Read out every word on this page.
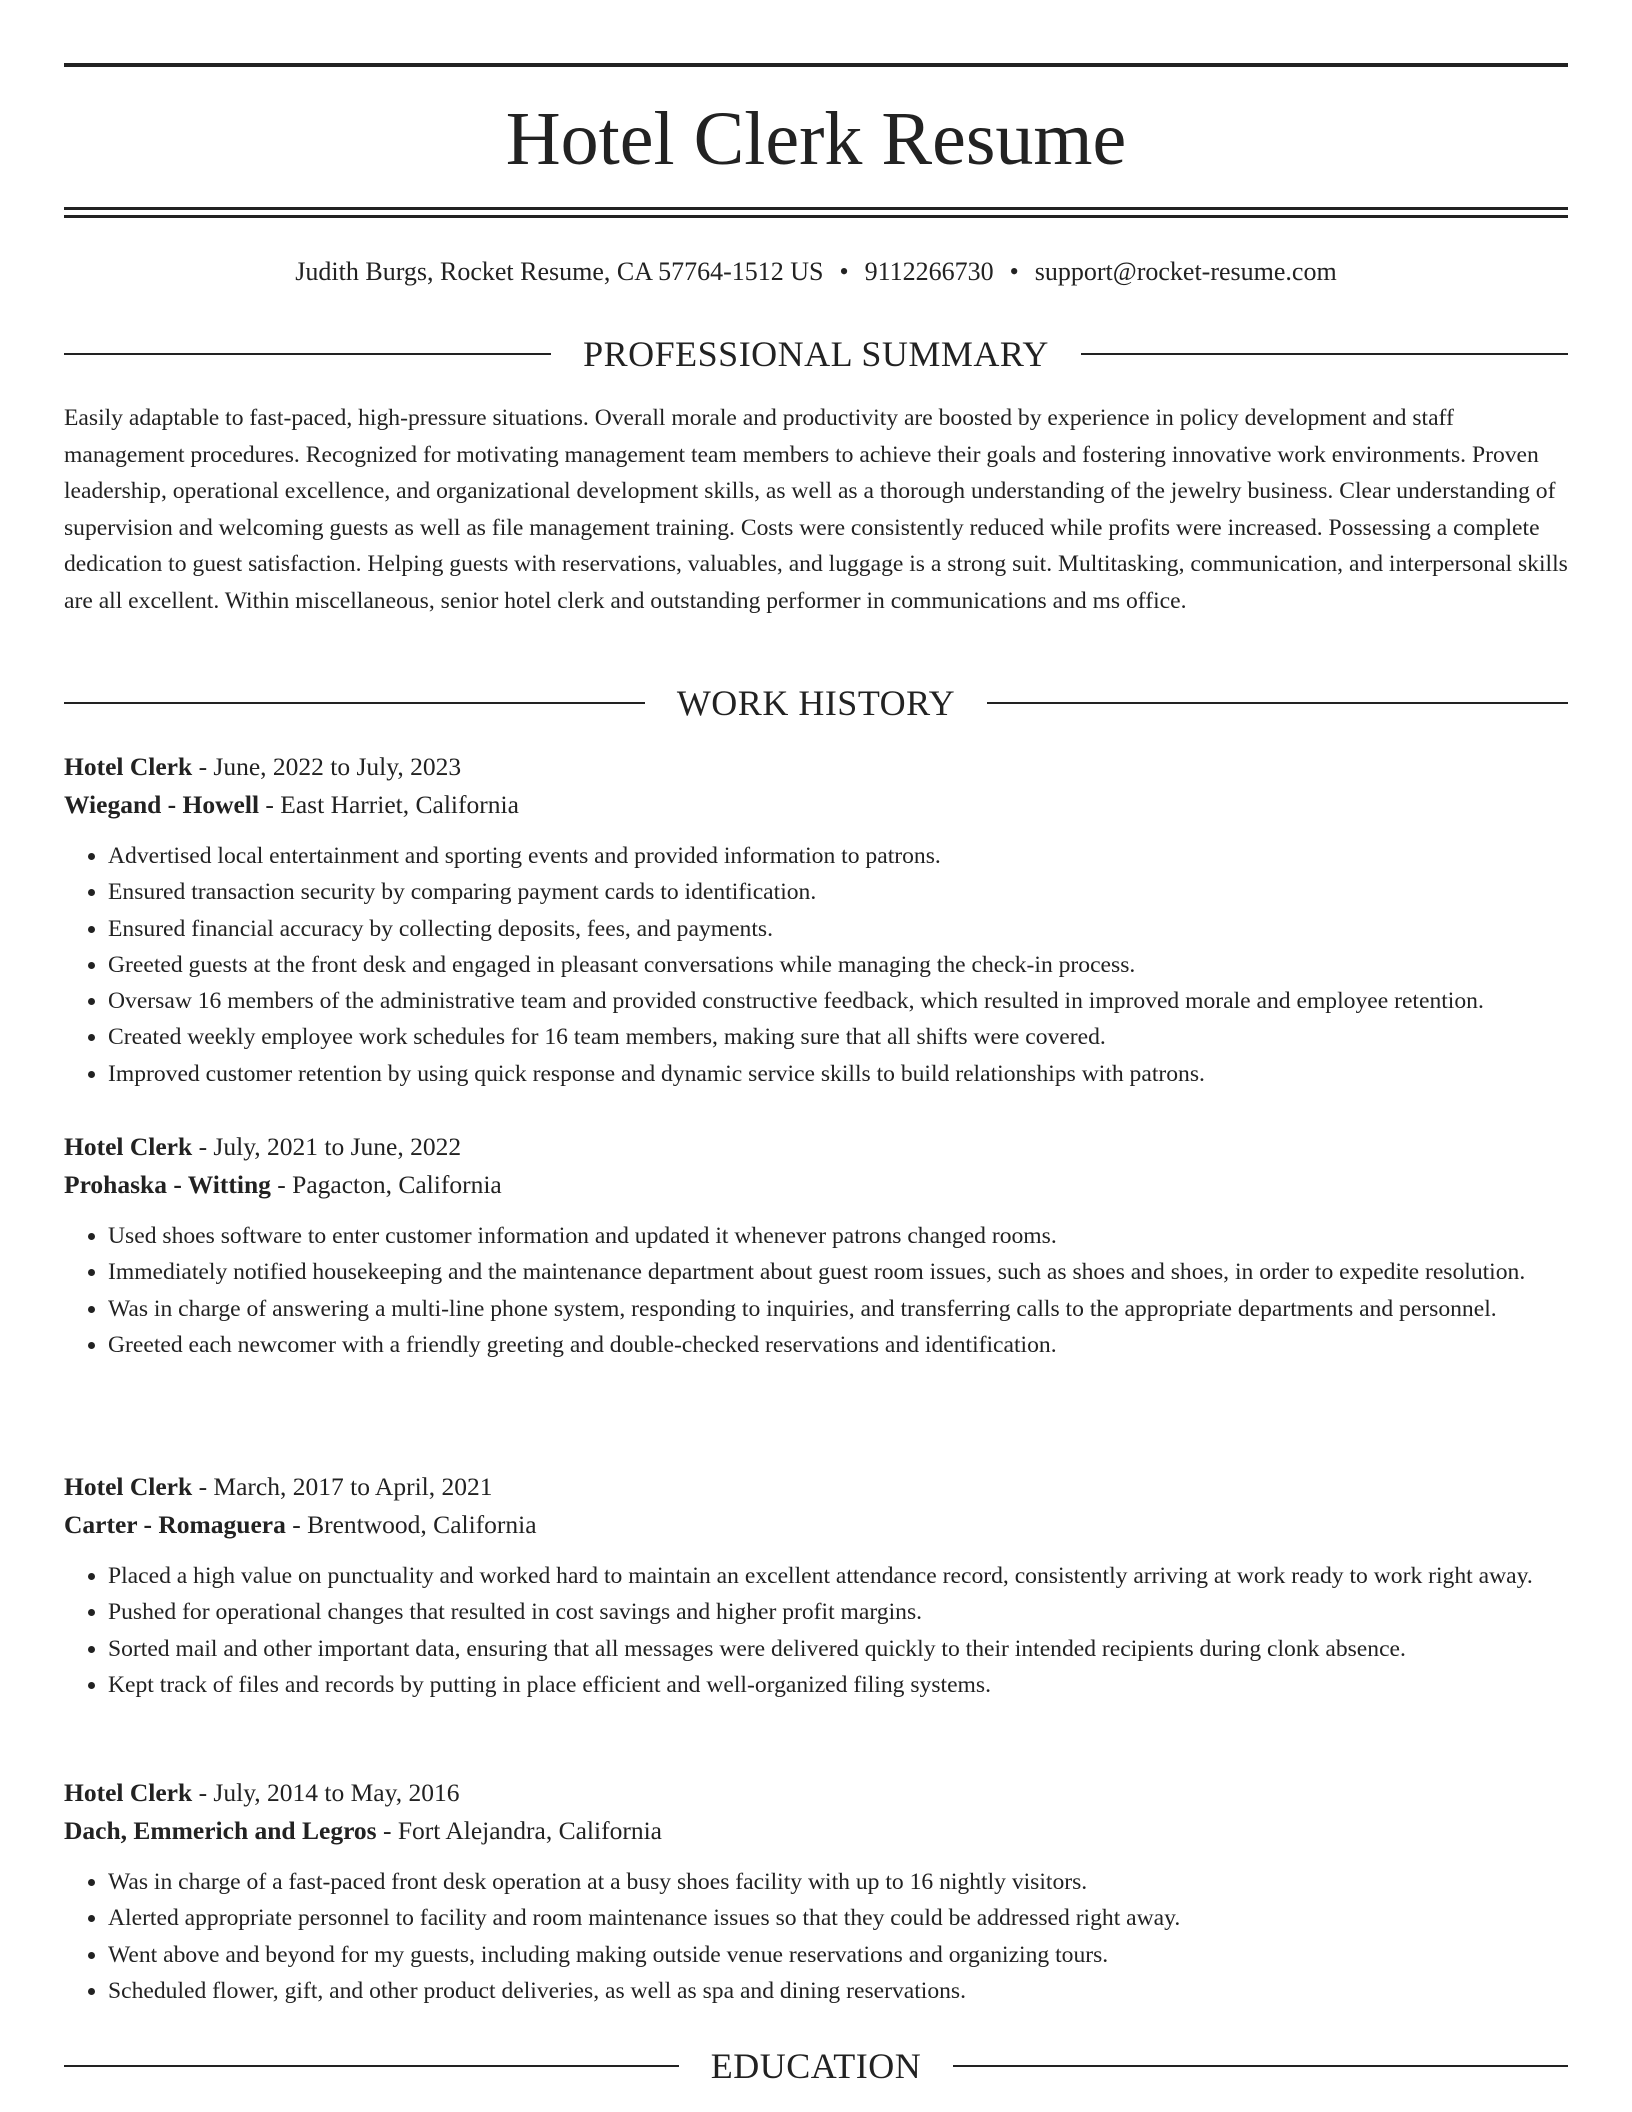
Hotel Clerk Resume
Judith Burgs, Rocket Resume, CA 57764-1512 US • 9112266730 • support@rocket-resume.com
PROFESSIONAL SUMMARY

Easily adaptable to fast-paced, high-pressure situations. Overall morale and productivity are boosted by experience in policy development and staff management procedures. Recognized for motivating management team members to achieve their goals and fostering innovative work environments. Proven leadership, operational excellence, and organizational development skills, as well as a thorough understanding of the jewelry business. Clear understanding of supervision and welcoming guests as well as file management training. Costs were consistently reduced while profits were increased. Possessing a complete dedication to guest satisfaction. Helping guests with reservations, valuables, and luggage is a strong suit. Multitasking, communication, and interpersonal skills are all excellent. Within miscellaneous, senior hotel clerk and outstanding performer in communications and ms office.

WORK HISTORY

Hotel Clerk - June, 2022 to July, 2023

Wiegand - Howell - East Harriet, California

• Advertised local entertainment and sporting events and provided information to patrons.
• Ensured transaction security by comparing payment cards to identification.
• Ensured financial accuracy by collecting deposits, fees, and payments.
• Greeted guests at the front desk and engaged in pleasant conversations while managing the check-in process.
• Oversaw 16 members of the administrative team and provided constructive feedback, which resulted in improved morale and employee retention.
• Created weekly employee work schedules for 16 team members, making sure that all shifts were covered.
• Improved customer retention by using quick response and dynamic service skills to build relationships with patrons.

Hotel Clerk - July, 2021 to June, 2022

Prohaska - Witting - Pagacton, California

• Used shoes software to enter customer information and updated it whenever patrons changed rooms.
• Immediately notified housekeeping and the maintenance department about guest room issues, such as shoes and shoes, in order to expedite resolution.
• Was in charge of answering a multi-line phone system, responding to inquiries, and transferring calls to the appropriate departments and personnel.
• Greeted each newcomer with a friendly greeting and double-checked reservations and identification.

Hotel Clerk - March, 2017 to April, 2021

Carter - Romaguera - Brentwood, California

• Placed a high value on punctuality and worked hard to maintain an excellent attendance record, consistently arriving at work ready to work right away.
• Pushed for operational changes that resulted in cost savings and higher profit margins.
• Sorted mail and other important data, ensuring that all messages were delivered quickly to their intended recipients during clonk absence.
• Kept track of files and records by putting in place efficient and well-organized filing systems.

Hotel Clerk - July, 2014 to May, 2016

Dach, Emmerich and Legros - Fort Alejandra, California

• Was in charge of a fast-paced front desk operation at a busy shoes facility with up to 16 nightly visitors.
• Alerted appropriate personnel to facility and room maintenance issues so that they could be addressed right away.
• Went above and beyond for my guests, including making outside venue reservations and organizing tours.
• Scheduled flower, gift, and other product deliveries, as well as spa and dining reservations.
EDUCATION
